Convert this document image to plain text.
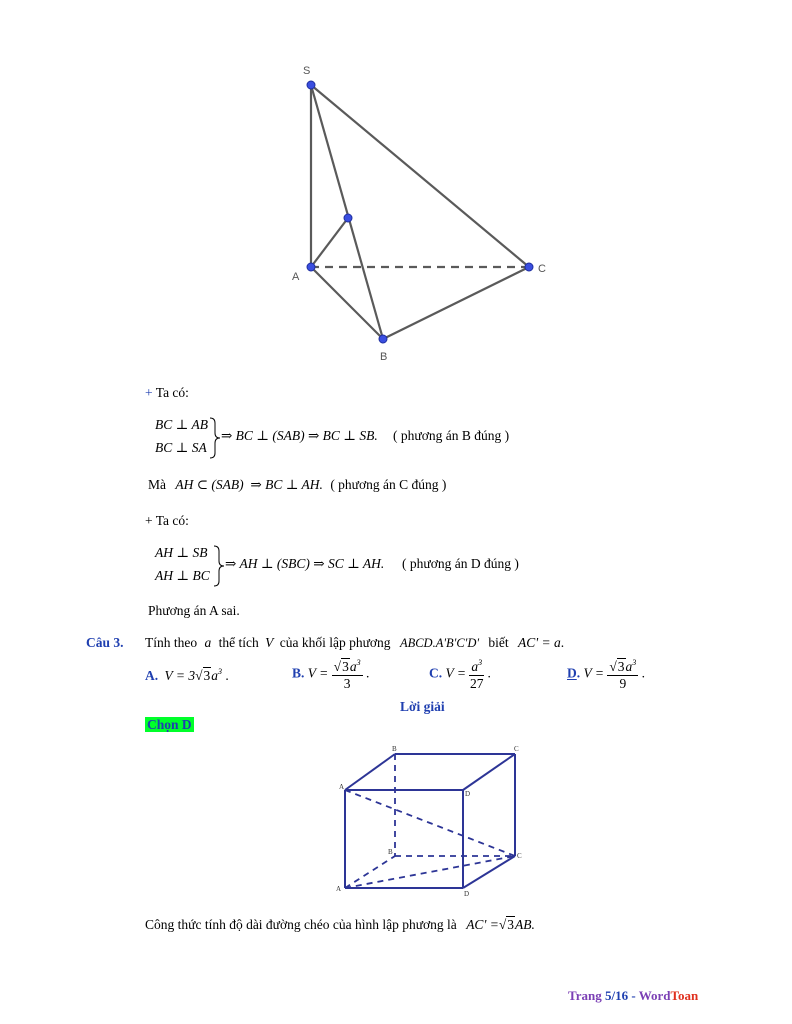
S
A
B
C
+ Ta có:
BC ⊥ AB
BC ⊥ SA
⇒ BC ⊥ (SAB) ⇒ BC ⊥ SB. ( phương án B đúng )
Mà AH ⊂ (SAB)  ⇒ BC ⊥ AH. ( phương án C đúng )
+ Ta có:
AH ⊥ SB
AH ⊥ BC
⇒ AH ⊥ (SBC) ⇒ SC ⊥ AH. ( phương án D đúng )
Phương án A sai.
Câu 3. Tính theo a thể tích V của khối lập phương ABCD.A'B'C'D' biết AC' = a.
A. $V = 3√3a^3$ .	B. $V = \frac{√3a^3}{3}$ .	C. $V = \frac{a^3}{27}$ .	D. $V = \frac{√3a^3}{9}$ .
Lời giải
Chọn D
B	C
A
D
B	C
A
D
Công thức tính độ dài đường chéo của hình lập phương là AC' =√3AB.
Trang 5/16 - WordToan
